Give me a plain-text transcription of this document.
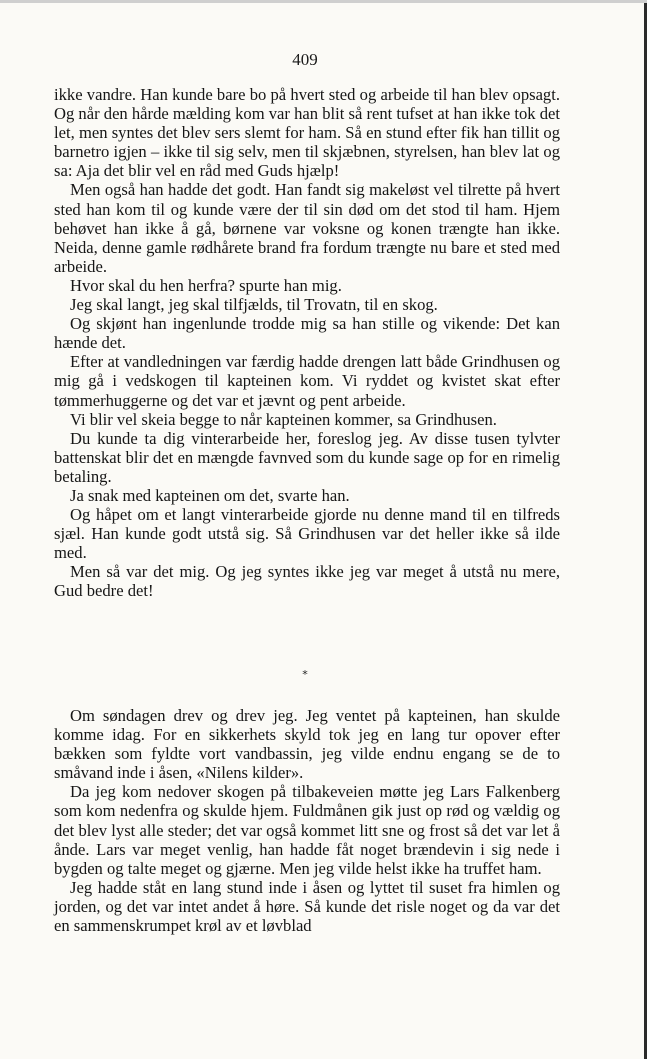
409

ikke vandre. Han kunde bare bo på hvert sted og arbeide til han blev opsagt. Og når den hårde mælding kom var han blit så rent tufset at han ikke tok det let, men syntes det blev sers slemt for ham. Så en stund efter fik han tillit og barnetro igjen – ikke til sig selv, men til skjæbnen, styrelsen, han blev lat og sa: Aja det blir vel en råd med Guds hjælp!

Men også han hadde det godt. Han fandt sig makeløst vel tilrette på hvert sted han kom til og kunde være der til sin død om det stod til ham. Hjem behøvet han ikke å gå, børnene var voksne og konen trængte han ikke. Neida, denne gamle rødhårete brand fra fordum trængte nu bare et sted med arbeide.

Hvor skal du hen herfra? spurte han mig.

Jeg skal langt, jeg skal tilfjælds, til Trovatn, til en skog.

Og skjønt han ingenlunde trodde mig sa han stille og vikende: Det kan hænde det.

Efter at vandledningen var færdig hadde drengen latt både Grindhusen og mig gå i vedskogen til kapteinen kom. Vi ryddet og kvistet skat efter tømmerhuggerne og det var et jævnt og pent arbeide.

Vi blir vel skeia begge to når kapteinen kommer, sa Grindhusen.

Du kunde ta dig vinterarbeide her, foreslog jeg. Av disse tusen tylvter battenskat blir det en mængde favnved som du kunde sage op for en rimelig betaling.

Ja snak med kapteinen om det, svarte han.

Og håpet om et langt vinterarbeide gjorde nu denne mand til en tilfreds sjæl. Han kunde godt utstå sig. Så Grindhusen var det heller ikke så ilde med.

Men så var det mig. Og jeg syntes ikke jeg var meget å utstå nu mere, Gud bedre det!

*

Om søndagen drev og drev jeg. Jeg ventet på kapteinen, han skulde komme idag. For en sikkerhets skyld tok jeg en lang tur opover efter bækken som fyldte vort vandbassin, jeg vilde endnu engang se de to småvand inde i åsen, «Nilens kilder».

Da jeg kom nedover skogen på tilbakeveien møtte jeg Lars Falkenberg som kom nedenfra og skulde hjem. Fuldmånen gik just op rød og vældig og det blev lyst alle steder; det var også kommet litt sne og frost så det var let å ånde. Lars var meget venlig, han hadde fåt noget brændevin i sig nede i bygden og talte meget og gjærne. Men jeg vilde helst ikke ha truffet ham.

Jeg hadde ståt en lang stund inde i åsen og lyttet til suset fra himlen og jorden, og det var intet andet å høre. Så kunde det risle noget og da var det en sammenskrumpet krøl av et løvblad
